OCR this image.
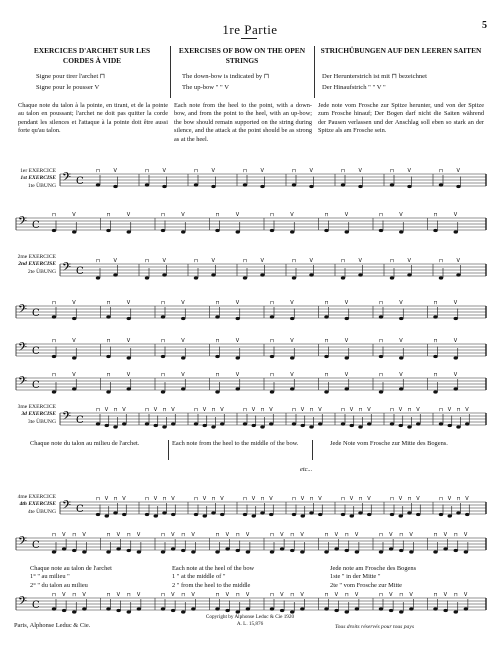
5
1re Partie
EXERCICES D'ARCHET SUR LES CORDES À VIDE
Signe pour tirer l'archet ⊓
Signe pour le pousser V
Chaque note du talon à la pointe, en tirant, et de la pointe au talon en poussant; l'archet ne doit pas quitter la corde pendant les silences et l'attaque à la pointe doit être aussi forte qu'au talon.
EXERCISES OF BOW ON THE OPEN STRINGS
The down-bow is indicated by ⊓
The up-bow " " V
Each note from the heel to the point, with a down-bow, and from the point to the heel, with an up-bow; the bow should remain supported on the string during silence, and the attack at the point should be as strong as at the heel.
STRICHÜBUNGEN AUF DEN LEEREN SAITEN
Der Herunterstrich ist mit ⊓ bezeichnet
Der Hinaufstrich " " V "
Jede note vom Frosche zur Spitze herunter, und von der Spitze zum Frosche hinauf; Der Bogen darf nicht die Saiten während der Pausen verlassen und der Anschlag soll eben so stark an der Spitze als am Frosche sein.
1er EXERCICE
1st EXERCISE
1te ÜBUNG
2me EXERCICE
2nd EXERCISE
2te ÜBUNG
3me EXERCICE
3d EXERCISE
3te ÜBUNG
4me EXERCICE
4th EXERCISE
4te ÜBUNG
Chaque note du talon au milieu de l'archet.	Each note from the heel to the middle of the bow.	Jede Note vom Frosche zur Mitte des Bogens.
etc...
Chaque note au talon de l'archet
1° " au milieu "
2° " du talon au milieu
Each note at the heel of the bow
1 " at the middle of "
2 " from the heel to the middle
Jede note am Frosche des Bogens
1ste " in der Mitte "
2te " vom Frosche zur Mitte
𝄢 C
⊓	V	⊓	V	⊓	V	⊓	V	⊓	V	⊓	V	⊓	V	⊓	V
𝄢 C
⊓	V	⊓	V	⊓	V	⊓	V	⊓	V	⊓	V	⊓	V	⊓	V
𝄢 C
⊓	V	⊓	V	⊓	V	⊓	V	⊓	V	⊓	V	⊓	V	⊓	V
𝄢 C
⊓	V	⊓	V	⊓	V	⊓	V	⊓	V	⊓	V	⊓	V	⊓	V
𝄢 C
⊓	V	⊓	V	⊓	V	⊓	V	⊓	V	⊓	V	⊓	V	⊓	V
𝄢 C
⊓	V	⊓	V	⊓	V	⊓	V	⊓	V	⊓	V	⊓	V	⊓	V
𝄢 C
⊓ V ⊓ V	⊓ V ⊓ V	⊓ V ⊓ V	⊓ V ⊓ V	⊓ V ⊓ V	⊓ V ⊓ V	⊓ V ⊓ V	⊓ V ⊓ V
𝄢 C
⊓ V ⊓ V	⊓ V ⊓ V	⊓ V ⊓ V	⊓ V ⊓ V	⊓ V ⊓ V	⊓ V ⊓ V	⊓ V ⊓ V	⊓ V ⊓ V
𝄢 C
⊓ V ⊓ V	⊓ V ⊓ V	⊓ V ⊓ V	⊓ V ⊓ V	⊓ V ⊓ V	⊓ V ⊓ V	⊓ V ⊓ V	⊓ V ⊓ V
𝄢 C
⊓ V ⊓ V	⊓ V ⊓ V	⊓ V ⊓ V	⊓ V ⊓ V	⊓ V ⊓ V	⊓ V ⊓ V	⊓ V ⊓ V	⊓ V ⊓ V
Paris, Alphonse Leduc & Cie.
Copyright by Alphonse Leduc & Cie 1920
A. L. 15,876	Tous droits réservés pour tous pays
